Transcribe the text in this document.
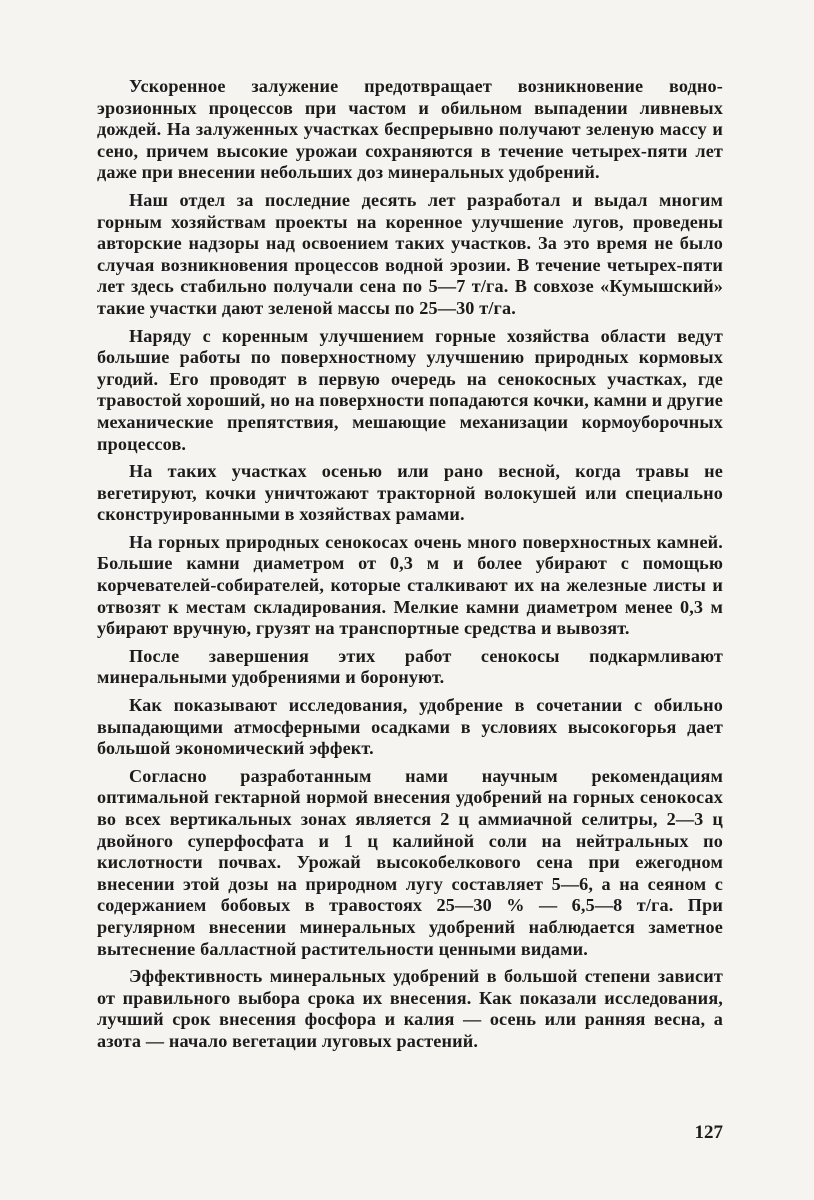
Ускоренное залужение предотвращает возникновение водно-эрозионных процессов при частом и обильном выпадении ливневых дождей. На залуженных участках беспрерывно получают зеленую массу и сено, причем высокие урожаи сохраняются в течение четырех-пяти лет даже при внесении небольших доз минеральных удобрений.

Наш отдел за последние десять лет разработал и выдал многим горным хозяйствам проекты на коренное улучшение лугов, проведены авторские надзоры над освоением таких участков. За это время не было случая возникновения процессов водной эрозии. В течение четырех-пяти лет здесь стабильно получали сена по 5—7 т/га. В совхозе «Кумышский» такие участки дают зеленой массы по 25—30 т/га.

Наряду с коренным улучшением горные хозяйства области ведут большие работы по поверхностному улучшению природных кормовых угодий. Его проводят в первую очередь на сенокосных участках, где травостой хороший, но на поверхности попадаются кочки, камни и другие механические препятствия, мешающие механизации кормоуборочных процессов.

На таких участках осенью или рано весной, когда травы не вегетируют, кочки уничтожают тракторной волокушей или специально сконструированными в хозяйствах рамами.

На горных природных сенокосах очень много поверхностных камней. Большие камни диаметром от 0,3 м и более убирают с помощью корчевателей-собирателей, которые сталкивают их на железные листы и отвозят к местам складирования. Мелкие камни диаметром менее 0,3 м убирают вручную, грузят на транспортные средства и вывозят.

После завершения этих работ сенокосы подкармливают минеральными удобрениями и боронуют.

Как показывают исследования, удобрение в сочетании с обильно выпадающими атмосферными осадками в условиях высокогорья дает большой экономический эффект.

Согласно разработанным нами научным рекомендациям оптимальной гектарной нормой внесения удобрений на горных сенокосах во всех вертикальных зонах является 2 ц аммиачной селитры, 2—3 ц двойного суперфосфата и 1 ц калийной соли на нейтральных по кислотности почвах. Урожай высокобелкового сена при ежегодном внесении этой дозы на природном лугу составляет 5—6, а на сеяном с содержанием бобовых в травостоях 25—30 % — 6,5—8 т/га. При регулярном внесении минеральных удобрений наблюдается заметное вытеснение балластной растительности ценными видами.

Эффективность минеральных удобрений в большой степени зависит от правильного выбора срока их внесения. Как показали исследования, лучший срок внесения фосфора и калия — осень или ранняя весна, а азота — начало вегетации луговых растений.

127
